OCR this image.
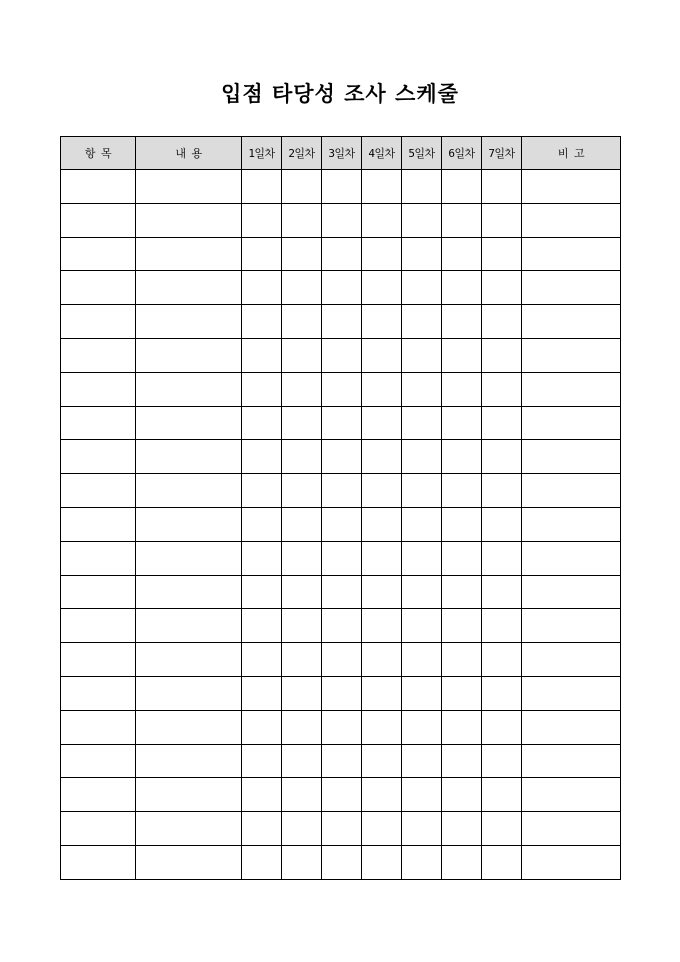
입점 타당성 조사 스케줄
항 목	내 용	1일차	2일차	3일차	4일차	5일차	6일차	7일차	비 고
